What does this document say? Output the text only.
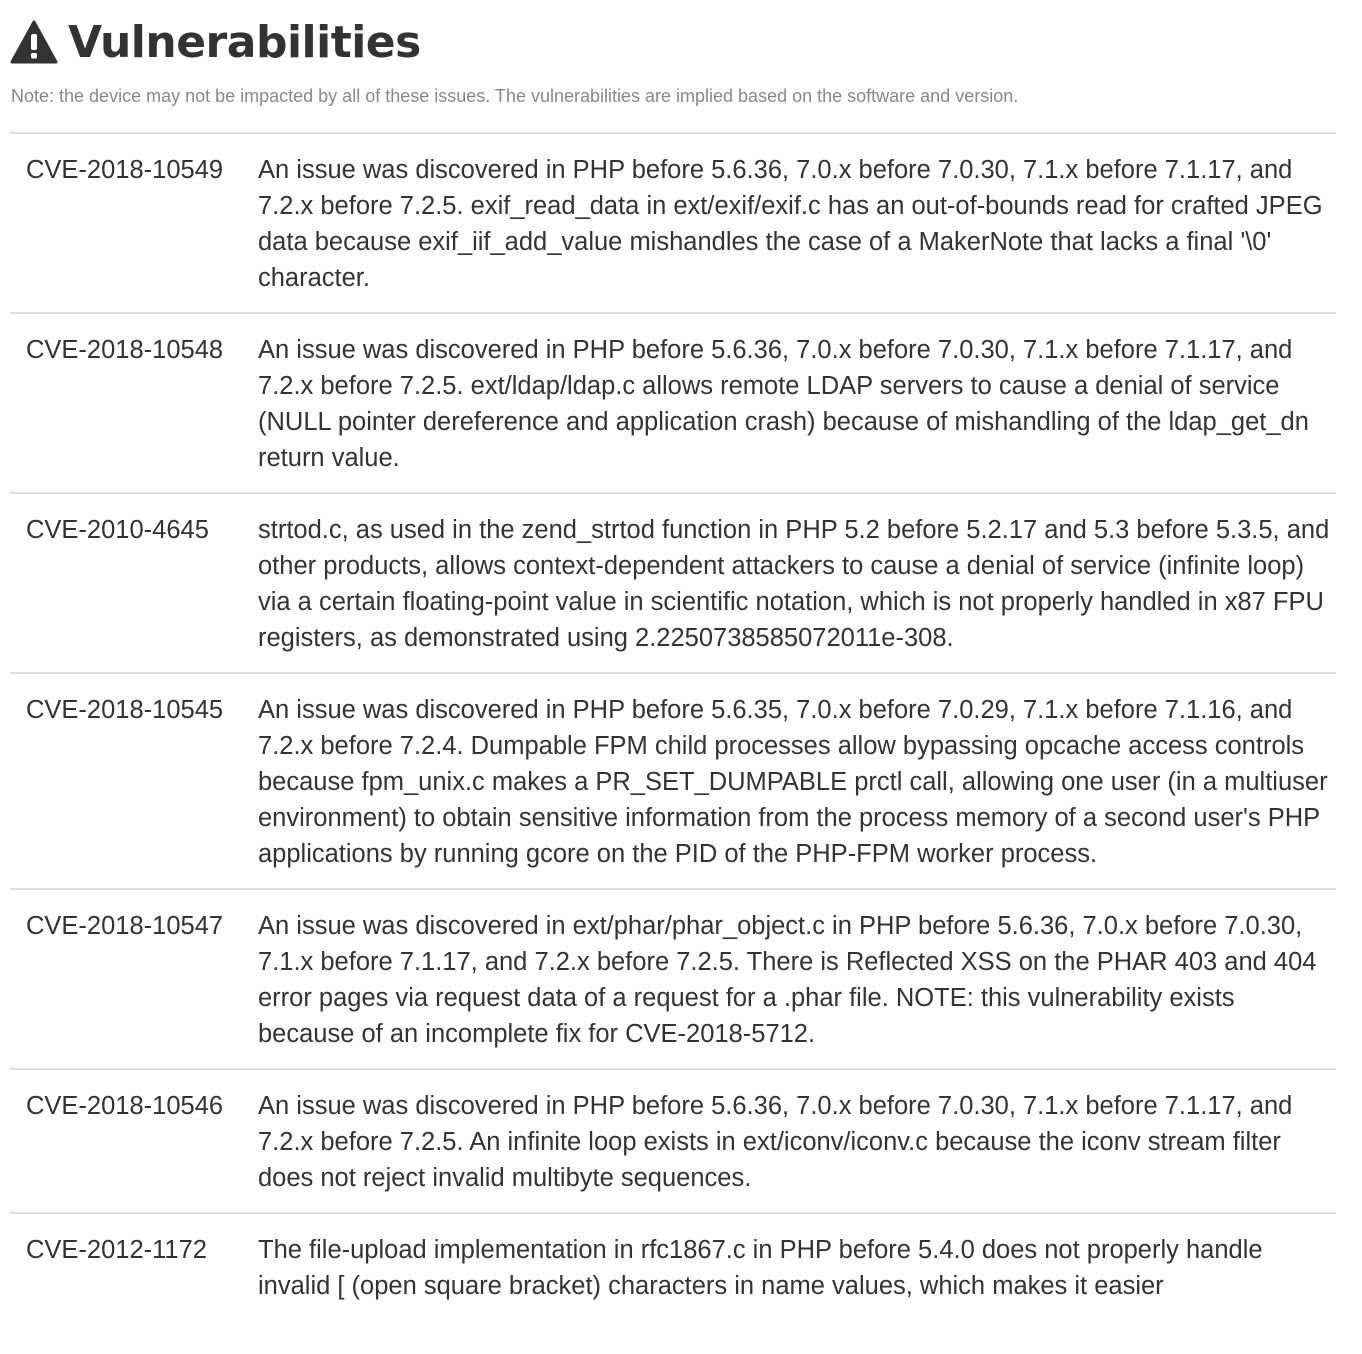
Vulnerabilities
Note: the device may not be impacted by all of these issues. The vulnerabilities are implied based on the software and version.
CVE-2018-10549	An issue was discovered in PHP before 5.6.36, 7.0.x before 7.0.30, 7.1.x before 7.1.17, and 7.2.x before 7.2.5. exif_read_data in ext/exif/exif.c has an out-of-bounds read for crafted JPEG data because exif_iif_add_value mishandles the case of a MakerNote that lacks a final '\0' character.
CVE-2018-10548	An issue was discovered in PHP before 5.6.36, 7.0.x before 7.0.30, 7.1.x before 7.1.17, and 7.2.x before 7.2.5. ext/ldap/ldap.c allows remote LDAP servers to cause a denial of service (NULL pointer dereference and application crash) because of mishandling of the ldap_get_dn return value.
CVE-2010-4645	strtod.c, as used in the zend_strtod function in PHP 5.2 before 5.2.17 and 5.3 before 5.3.5, and other products, allows context-dependent attackers to cause a denial of service (infinite loop) via a certain floating-point value in scientific notation, which is not properly handled in x87 FPU registers, as demonstrated using 2.2250738585072011e-308.
CVE-2018-10545	An issue was discovered in PHP before 5.6.35, 7.0.x before 7.0.29, 7.1.x before 7.1.16, and 7.2.x before 7.2.4. Dumpable FPM child processes allow bypassing opcache access controls because fpm_unix.c makes a PR_SET_DUMPABLE prctl call, allowing one user (in a multiuser environment) to obtain sensitive information from the process memory of a second user's PHP applications by running gcore on the PID of the PHP-FPM worker process.
CVE-2018-10547	An issue was discovered in ext/phar/phar_object.c in PHP before 5.6.36, 7.0.x before 7.0.30, 7.1.x before 7.1.17, and 7.2.x before 7.2.5. There is Reflected XSS on the PHAR 403 and 404 error pages via request data of a request for a .phar file. NOTE: this vulnerability exists because of an incomplete fix for CVE-2018-5712.
CVE-2018-10546	An issue was discovered in PHP before 5.6.36, 7.0.x before 7.0.30, 7.1.x before 7.1.17, and 7.2.x before 7.2.5. An infinite loop exists in ext/iconv/iconv.c because the iconv stream filter does not reject invalid multibyte sequences.
CVE-2012-1172	The file-upload implementation in rfc1867.c in PHP before 5.4.0 does not properly handle invalid [ (open square bracket) characters in name values, which makes it easier
